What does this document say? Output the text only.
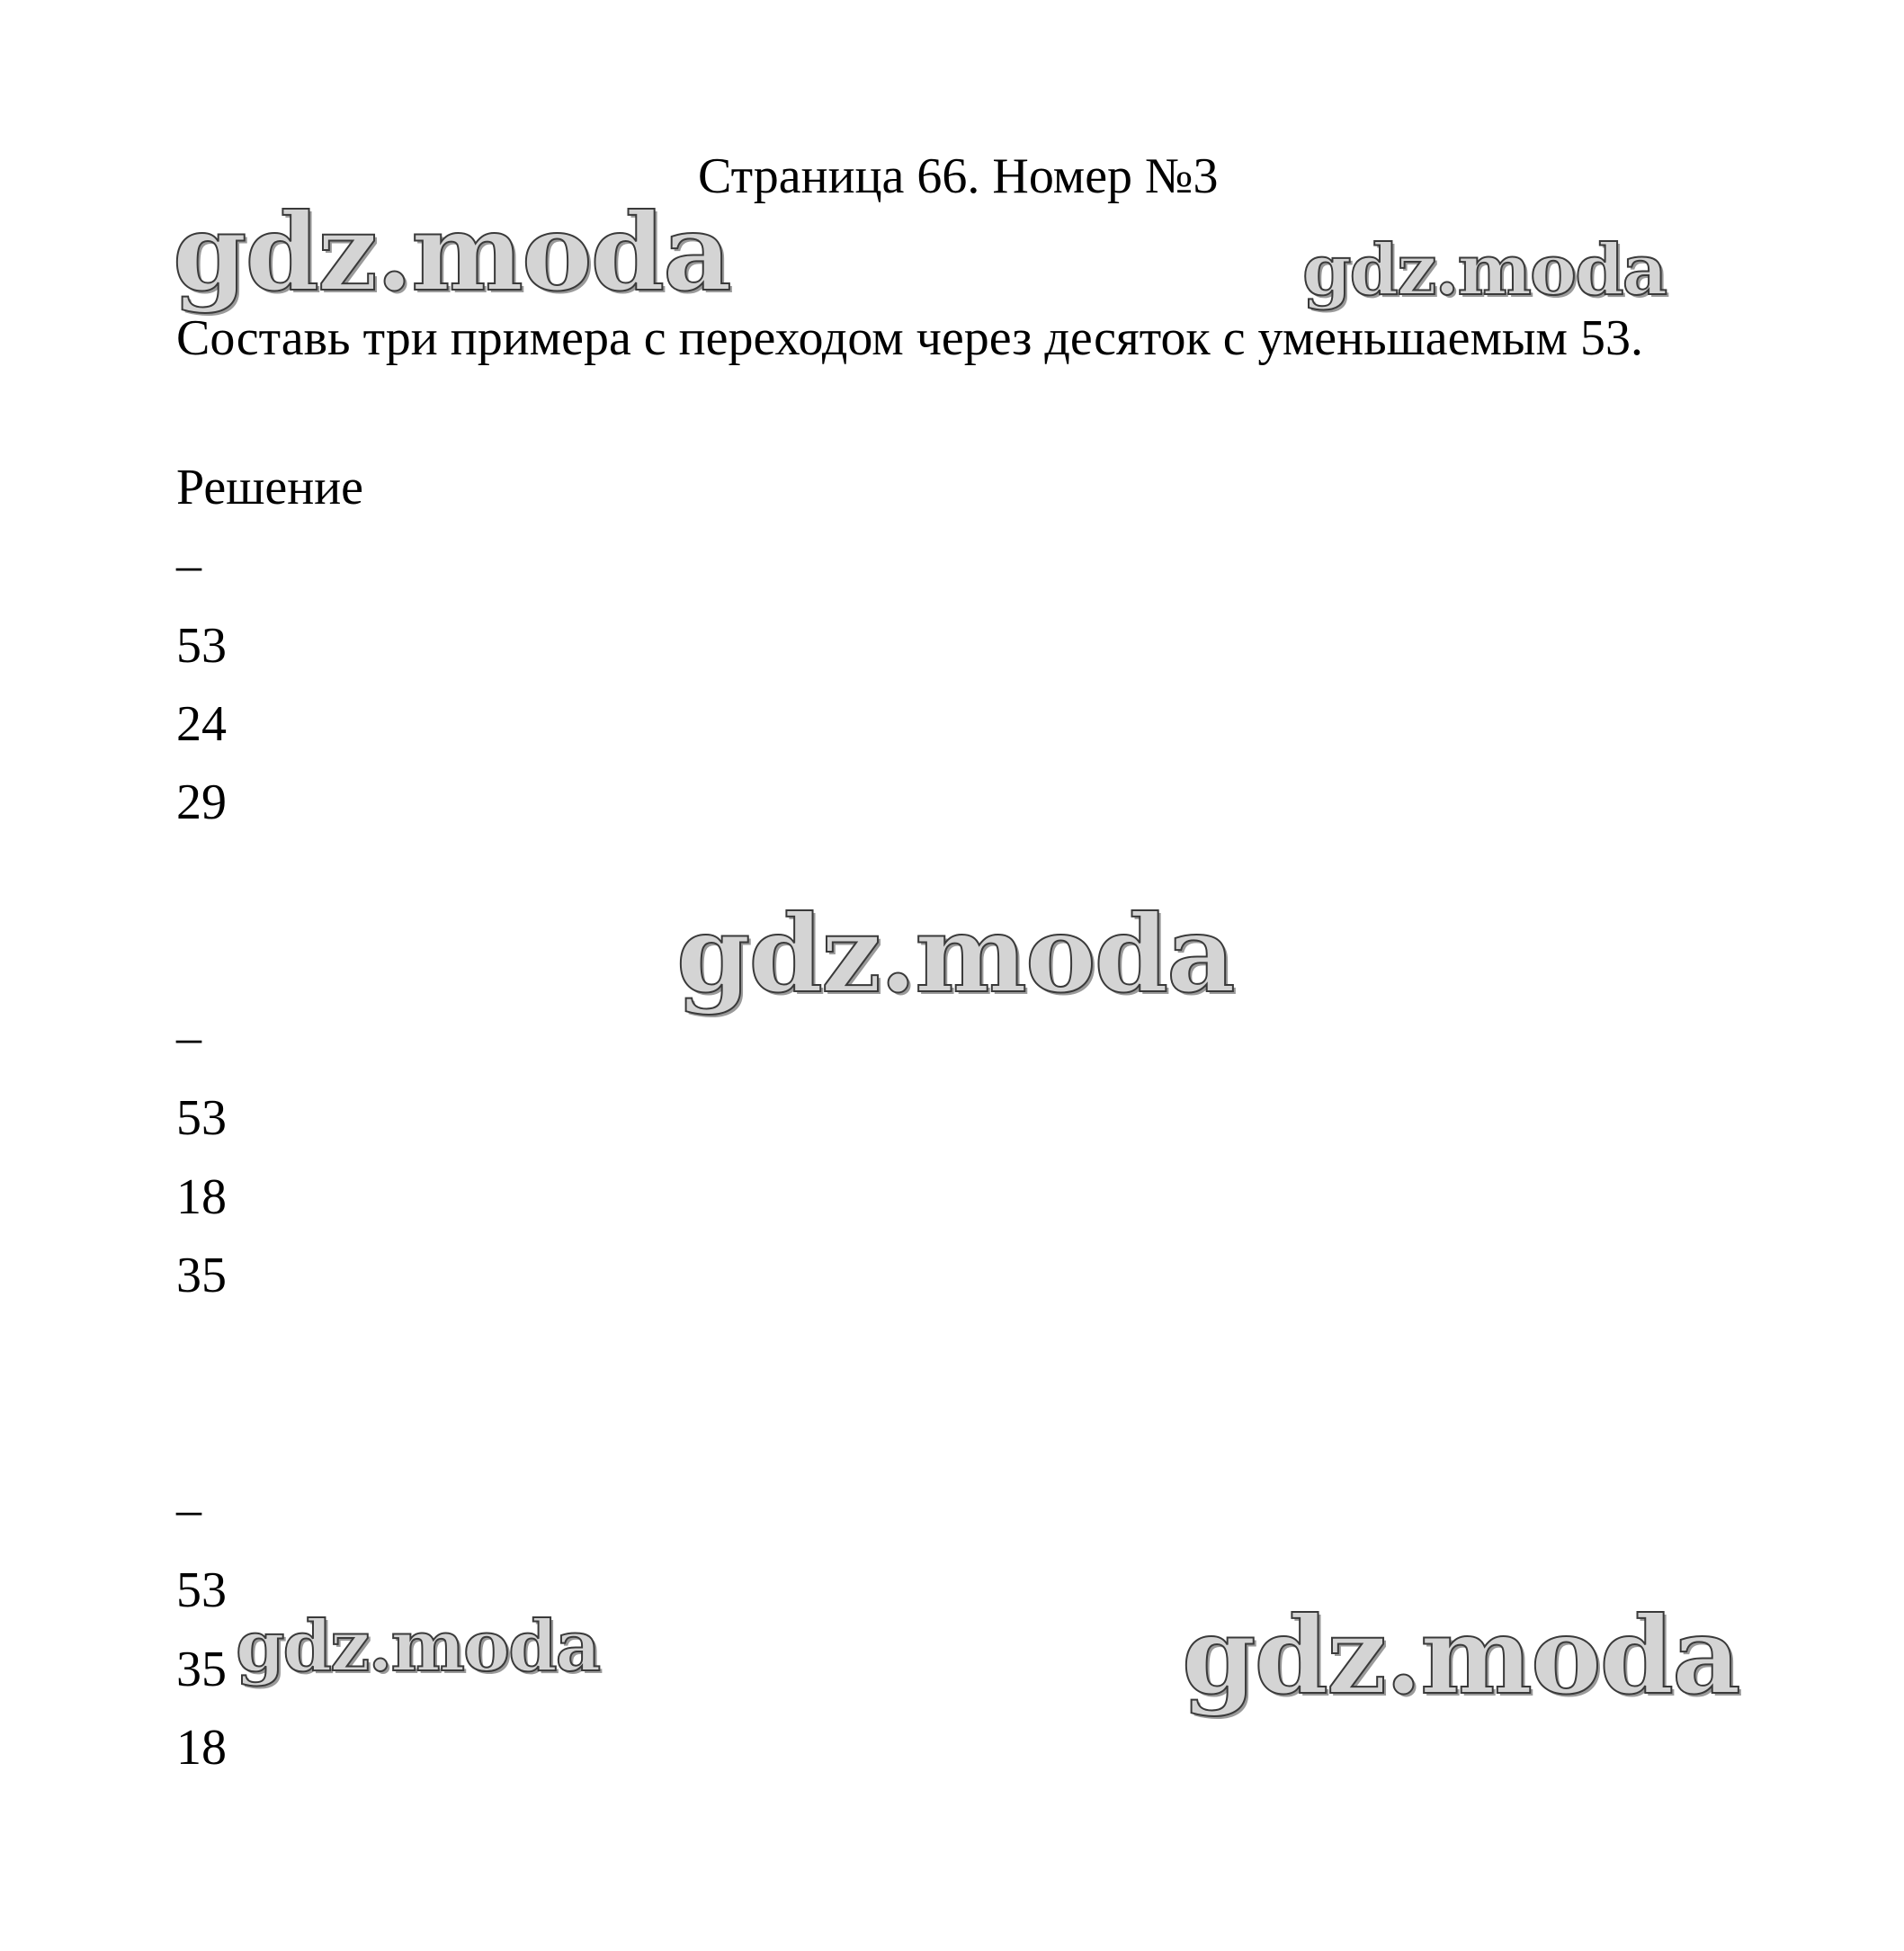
Страница 66. Номер №3
Составь три примера с переходом через десяток с уменьшаемым 53.
Решение
–
53
24
29
–
53
18
35
–
53
35
18
gdz.moda	gdz.moda
gdz.moda
gdz.moda	gdz.moda
